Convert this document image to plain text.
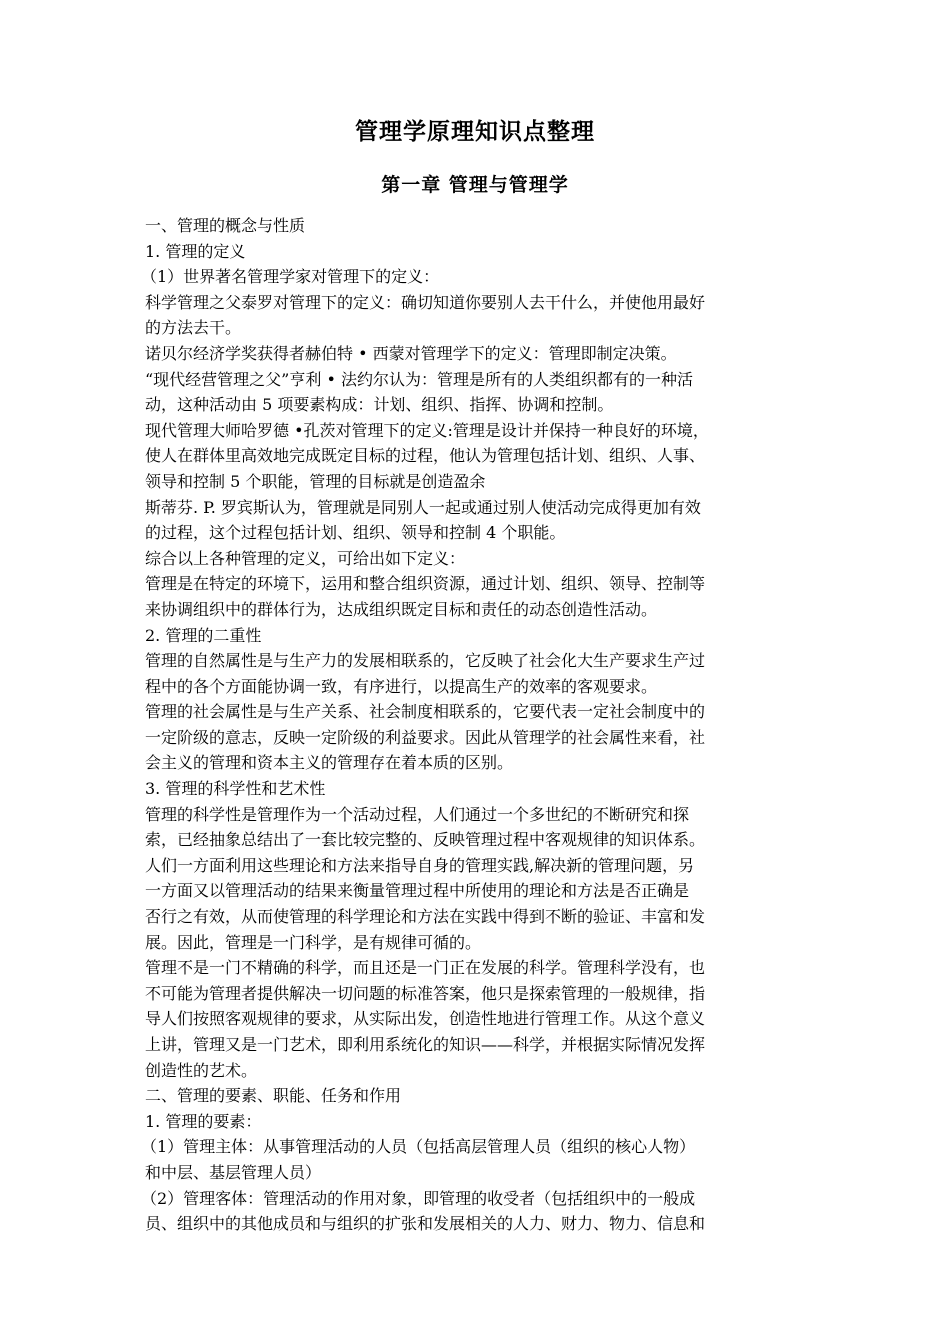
管理学原理知识点整理
第一章 管理与管理学
一、管理的概念与性质
1. 管理的定义
（1）世界著名管理学家对管理下的定义：
科学管理之父泰罗对管理下的定义：确切知道你要别人去干什么，并使他用最好
的方法去干。
诺贝尔经济学奖获得者赫伯特 • 西蒙对管理学下的定义：管理即制定决策。
“现代经营管理之父”亨利 • 法约尔认为：管理是所有的人类组织都有的一种活
动，这种活动由 5 项要素构成：计划、组织、指挥、协调和控制。
现代管理大师哈罗德 •孔茨对管理下的定义:管理是设计并保持一种良好的环境，
使人在群体里高效地完成既定目标的过程，他认为管理包括计划、组织、人事、
领导和控制 5 个职能，管理的目标就是创造盈余
斯蒂芬. P. 罗宾斯认为，管理就是同别人一起或通过别人使活动完成得更加有效
的过程，这个过程包括计划、组织、领导和控制 4 个职能。
综合以上各种管理的定义，可给出如下定义：
管理是在特定的环境下，运用和整合组织资源，通过计划、组织、领导、控制等
来协调组织中的群体行为，达成组织既定目标和责任的动态创造性活动。
2. 管理的二重性
管理的自然属性是与生产力的发展相联系的，它反映了社会化大生产要求生产过
程中的各个方面能协调一致，有序进行，以提高生产的效率的客观要求。
管理的社会属性是与生产关系、社会制度相联系的，它要代表一定社会制度中的
一定阶级的意志，反映一定阶级的利益要求。因此从管理学的社会属性来看，社
会主义的管理和资本主义的管理存在着本质的区别。
3. 管理的科学性和艺术性
管理的科学性是管理作为一个活动过程，人们通过一个多世纪的不断研究和探
索，已经抽象总结出了一套比较完整的、反映管理过程中客观规律的知识体系。
人们一方面利用这些理论和方法来指导自身的管理实践,解决新的管理问题，另
一方面又以管理活动的结果来衡量管理过程中所使用的理论和方法是否正确是
否行之有效，从而使管理的科学理论和方法在实践中得到不断的验证、丰富和发
展。因此，管理是一门科学，是有规律可循的。
管理不是一门不精确的科学，而且还是一门正在发展的科学。管理科学没有，也
不可能为管理者提供解决一切问题的标准答案，他只是探索管理的一般规律，指
导人们按照客观规律的要求，从实际出发，创造性地进行管理工作。从这个意义
上讲，管理又是一门艺术，即利用系统化的知识——科学，并根据实际情况发挥
创造性的艺术。
二、管理的要素、职能、任务和作用
1. 管理的要素：
（1）管理主体：从事管理活动的人员（包括高层管理人员（组织的核心人物）
和中层、基层管理人员）
（2）管理客体：管理活动的作用对象，即管理的收受者（包括组织中的一般成
员、组织中的其他成员和与组织的扩张和发展相关的人力、财力、物力、信息和
